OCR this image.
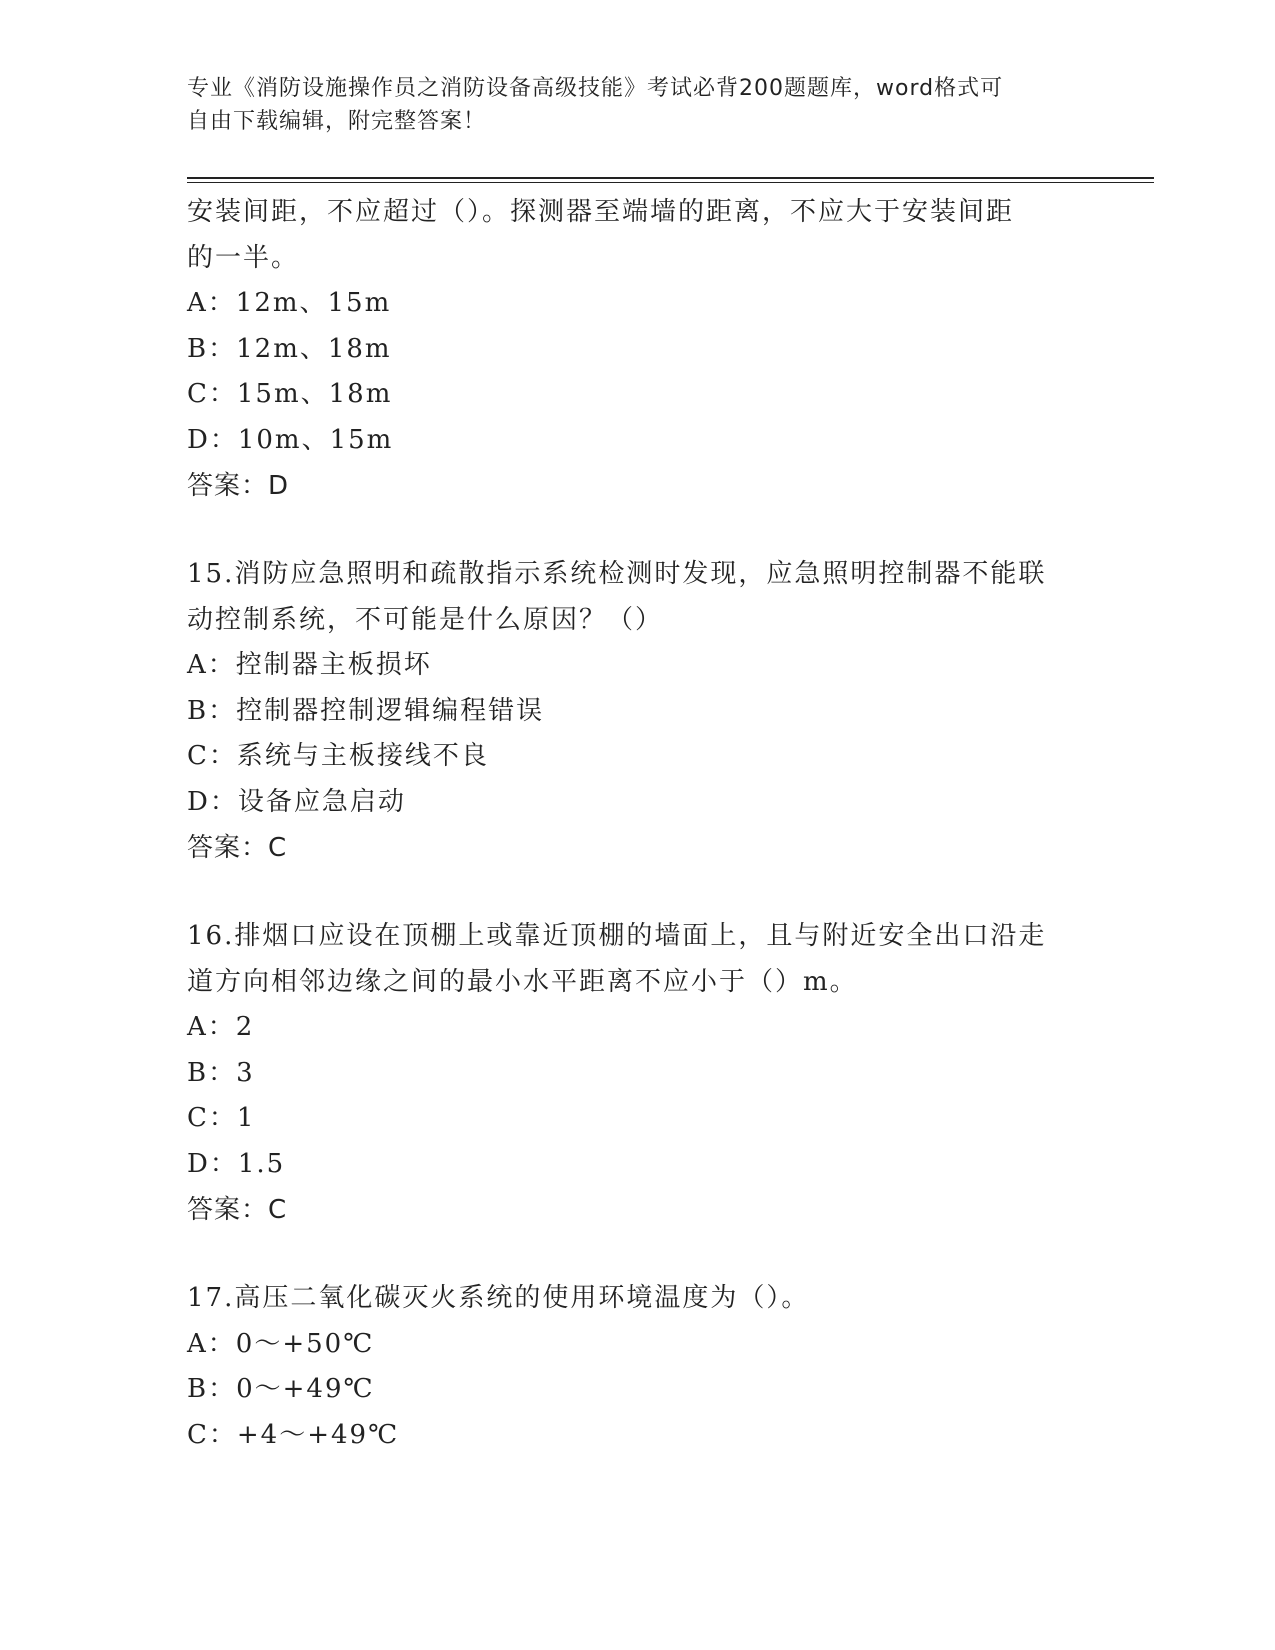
专业《消防设施操作员之消防设备高级技能》考试必背200题题库，word格式可
自由下载编辑，附完整答案！

安装间距，不应超过（）。探测器至端墙的距离，不应大于安装间距

的一半。

A：12m、15m

B：12m、18m

C：15m、18m

D：10m、15m

答案：D

15.消防应急照明和疏散指示系统检测时发现，应急照明控制器不能联

动控制系统，不可能是什么原因？（）

A：控制器主板损坏

B：控制器控制逻辑编程错误

C：系统与主板接线不良

D：设备应急启动

答案：C

16.排烟口应设在顶棚上或靠近顶棚的墙面上，且与附近安全出口沿走

道方向相邻边缘之间的最小水平距离不应小于（）m。

A：2

B：3

C：1

D：1.5

答案：C

17.高压二氧化碳灭火系统的使用环境温度为（）。

A：0～+50℃

B：0～+49℃

C：+4～+49℃
